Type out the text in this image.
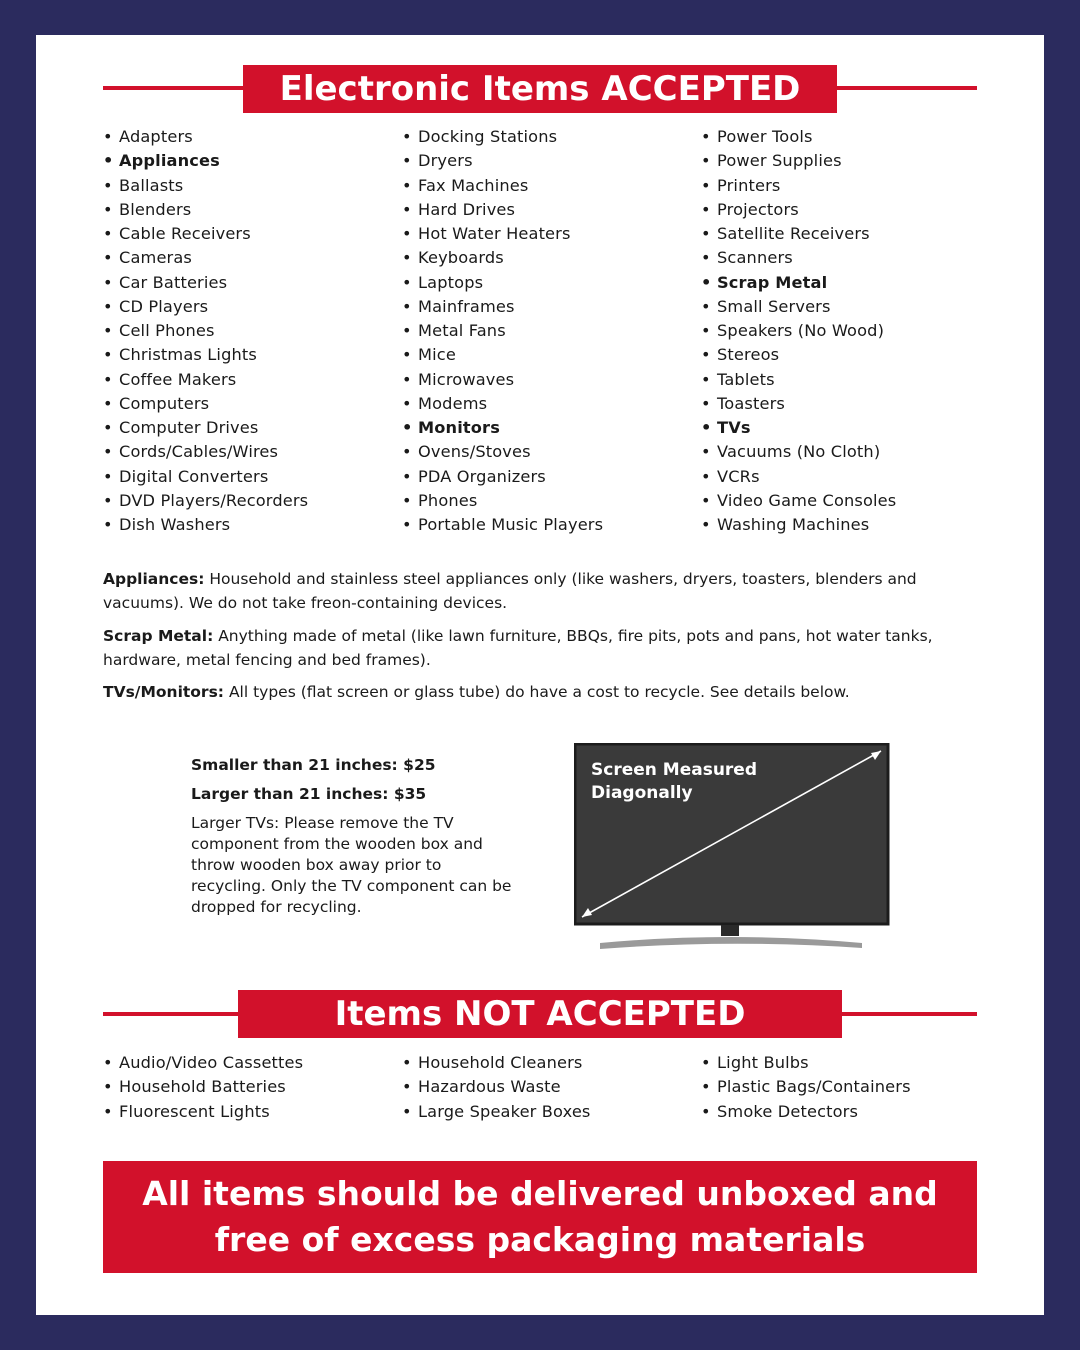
Electronic Items ACCEPTED
• Adapters
• Appliances
• Ballasts
• Blenders
• Cable Receivers
• Cameras
• Car Batteries
• CD Players
• Cell Phones
• Christmas Lights
• Coffee Makers
• Computers
• Computer Drives
• Cords/Cables/Wires
• Digital Converters
• DVD Players/Recorders
• Dish Washers
• Docking Stations
• Dryers
• Fax Machines
• Hard Drives
• Hot Water Heaters
• Keyboards
• Laptops
• Mainframes
• Metal Fans
• Mice
• Microwaves
• Modems
• Monitors
• Ovens/Stoves
• PDA Organizers
• Phones
• Portable Music Players
• Power Tools
• Power Supplies
• Printers
• Projectors
• Satellite Receivers
• Scanners
• Scrap Metal
• Small Servers
• Speakers (No Wood)
• Stereos
• Tablets
• Toasters
• TVs
• Vacuums (No Cloth)
• VCRs
• Video Game Consoles
• Washing Machines
Appliances: Household and stainless steel appliances only (like washers, dryers, toasters, blenders and vacuums). We do not take freon-containing devices.
Scrap Metal: Anything made of metal (like lawn furniture, BBQs, fire pits, pots and pans, hot water tanks, hardware, metal fencing and bed frames).
TVs/Monitors: All types (flat screen or glass tube) do have a cost to recycle. See details below.
Smaller than 21 inches: $25
Larger than 21 inches: $35
Larger TVs: Please remove the TV component from the wooden box and throw wooden box away prior to recycling. Only the TV component can be dropped for recycling.
Screen Measured
Diagonally
Items NOT ACCEPTED
• Audio/Video Cassettes
• Household Batteries
• Fluorescent Lights
• Household Cleaners
• Hazardous Waste
• Large Speaker Boxes
• Light Bulbs
• Plastic Bags/Containers
• Smoke Detectors
All items should be delivered unboxed and
free of excess packaging materials
